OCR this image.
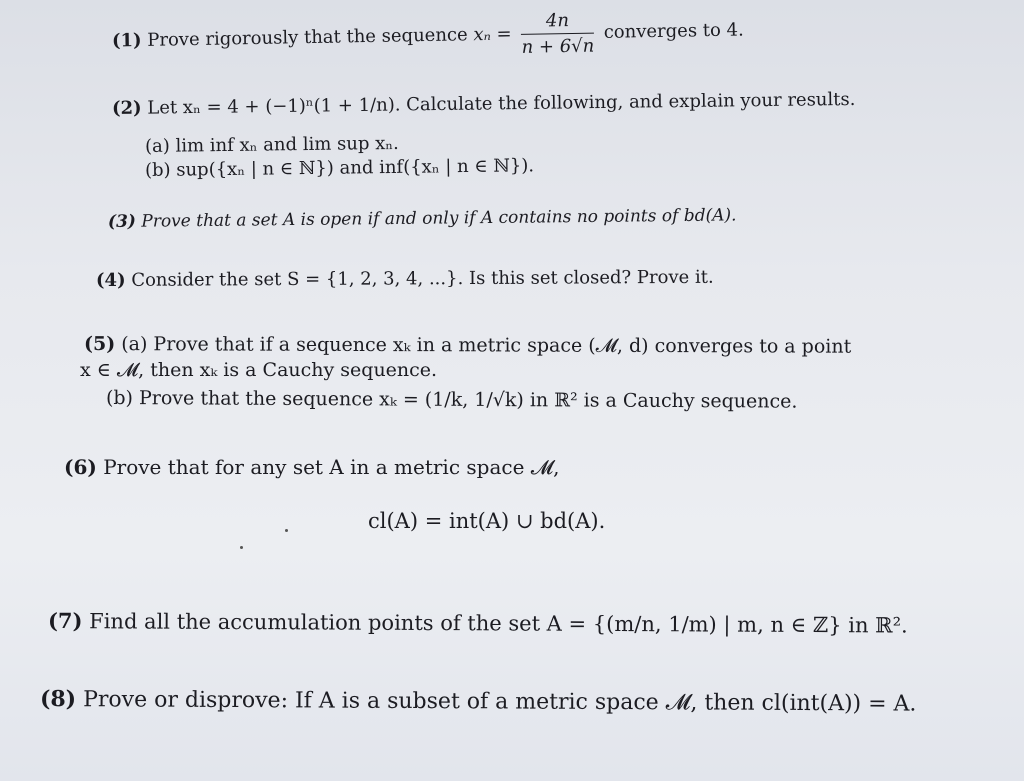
(1) Prove rigorously that the sequence $x_n = \frac{4n}{n + 6√n}$ converges to 4.
(2) Let xₙ = 4 + (−1)ⁿ(1 + 1/n). Calculate the following, and explain your results.
(a) lim inf xₙ and lim sup xₙ.
(b) sup({xₙ | n ∈ ℕ}) and inf({xₙ | n ∈ ℕ}).
(3) Prove that a set A is open if and only if A contains no points of bd(A).
(4) Consider the set S = {1, 2, 3, 4, ...}. Is this set closed? Prove it.
(5) (a) Prove that if a sequence xₖ in a metric space (𝓜, d) converges to a point
x ∈ 𝓜, then xₖ is a Cauchy sequence.
(b) Prove that the sequence xₖ = (1/k, 1/√k) in ℝ² is a Cauchy sequence.
(6) Prove that for any set A in a metric space 𝓜,
cl(A) = int(A) ∪ bd(A).
(7) Find all the accumulation points of the set A = {(m/n, 1/m) | m, n ∈ ℤ} in ℝ².
(8) Prove or disprove: If A is a subset of a metric space 𝓜, then cl(int(A)) = A.
